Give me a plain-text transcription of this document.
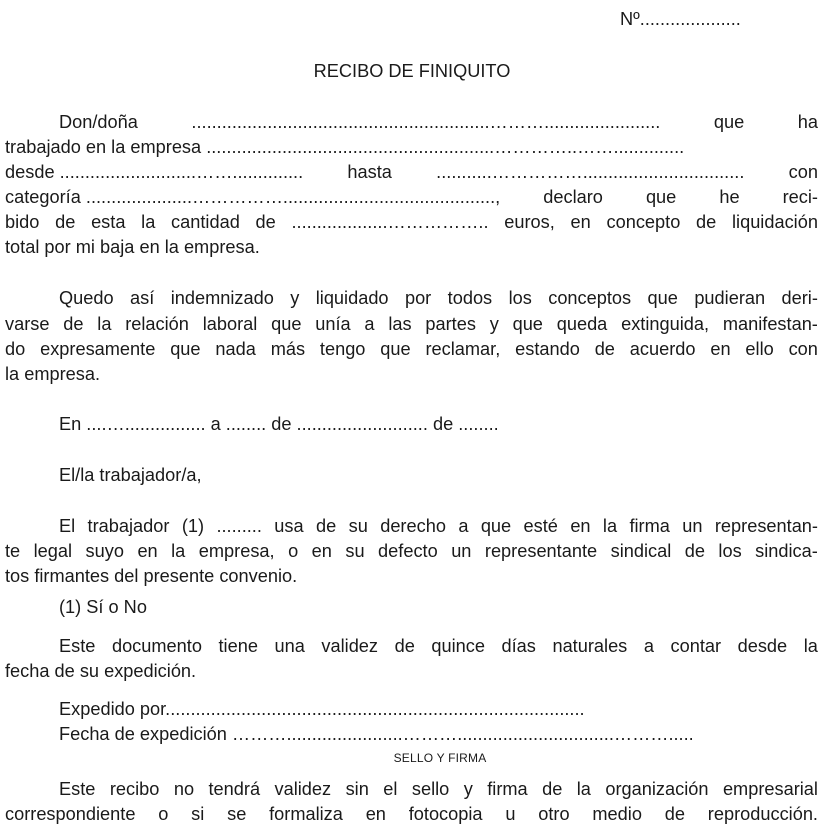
Nº....................
RECIBO DE FINIQUITO
Don/doña	...........................................................……….......................	que	ha
trabajado en la empresa .........................................................…………..……..............
desde ...........................…….............. hasta ...........……………................................ con
categoría .....................…………….........................................., declaro que he reci-
bido de esta la cantidad de ...................…………….. euros, en concepto de liquidación
total por mi baja en la empresa.
Quedo así indemnizado y liquidado por todos los conceptos que pudieran deri-
varse de la relación laboral que unía a las partes y que queda extinguida, manifestan-
do expresamente que nada más tengo que reclamar, estando de acuerdo en ello con
la empresa.
En ....…................ a ........ de .......................... de ........
El/la trabajador/a,
El trabajador (1) ......... usa de su derecho a que esté en la firma un representan-
te legal suyo en la empresa, o en su defecto un representante sindical de los sindica-
tos firmantes del presente convenio.
(1) Sí o No
Este documento tiene una validez de quince días naturales a contar desde la
fecha de su expedición.
Expedido por...................................................................................
Fecha de expedición ……….......................………...............................……….....
SELLO Y FIRMA
Este recibo no tendrá validez sin el sello y firma de la organización empresarial
correspondiente o si se formaliza en fotocopia u otro medio de reproducción.
